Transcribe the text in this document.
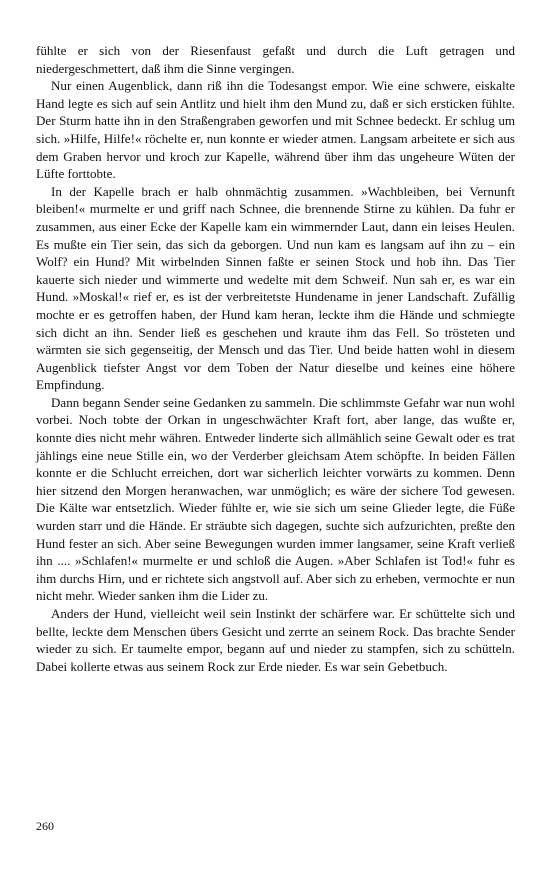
fühlte er sich von der Riesenfaust gefaßt und durch die Luft getragen und niedergeschmettert, daß ihm die Sinne vergingen.

Nur einen Augenblick, dann riß ihn die Todesangst empor. Wie eine schwere, eiskalte Hand legte es sich auf sein Antlitz und hielt ihm den Mund zu, daß er sich ersticken fühlte. Der Sturm hatte ihn in den Straßengraben geworfen und mit Schnee bedeckt. Er schlug um sich. »Hilfe, Hilfe!« röchelte er, nun konnte er wieder atmen. Langsam arbeitete er sich aus dem Graben hervor und kroch zur Kapelle, während über ihm das ungeheure Wüten der Lüfte forttobte.

In der Kapelle brach er halb ohnmächtig zusammen. »Wachbleiben, bei Vernunft bleiben!« murmelte er und griff nach Schnee, die brennende Stirne zu kühlen. Da fuhr er zusammen, aus einer Ecke der Kapelle kam ein wimmernder Laut, dann ein leises Heulen. Es mußte ein Tier sein, das sich da geborgen. Und nun kam es langsam auf ihn zu – ein Wolf? ein Hund? Mit wirbelnden Sinnen faßte er seinen Stock und hob ihn. Das Tier kauerte sich nieder und wimmerte und wedelte mit dem Schweif. Nun sah er, es war ein Hund. »Moskal!« rief er, es ist der verbreitetste Hundename in jener Landschaft. Zufällig mochte er es getroffen haben, der Hund kam heran, leckte ihm die Hände und schmiegte sich dicht an ihn. Sender ließ es geschehen und kraute ihm das Fell. So trösteten und wärmten sie sich gegenseitig, der Mensch und das Tier. Und beide hatten wohl in diesem Augenblick tiefster Angst vor dem Toben der Natur dieselbe und keines eine höhere Empfindung.

Dann begann Sender seine Gedanken zu sammeln. Die schlimmste Gefahr war nun wohl vorbei. Noch tobte der Orkan in ungeschwächter Kraft fort, aber lange, das wußte er, konnte dies nicht mehr währen. Entweder linderte sich allmählich seine Gewalt oder es trat jählings eine neue Stille ein, wo der Verderber gleichsam Atem schöpfte. In beiden Fällen konnte er die Schlucht erreichen, dort war sicherlich leichter vorwärts zu kommen. Denn hier sitzend den Morgen heranwachen, war unmöglich; es wäre der sichere Tod gewesen. Die Kälte war entsetzlich. Wieder fühlte er, wie sie sich um seine Glieder legte, die Füße wurden starr und die Hände. Er sträubte sich dagegen, suchte sich aufzurichten, preßte den Hund fester an sich. Aber seine Bewegungen wurden immer langsamer, seine Kraft verließ ihn .... »Schlafen!« murmelte er und schloß die Augen. »Aber Schlafen ist Tod!« fuhr es ihm durchs Hirn, und er richtete sich angstvoll auf. Aber sich zu erheben, vermochte er nun nicht mehr. Wieder sanken ihm die Lider zu.

Anders der Hund, vielleicht weil sein Instinkt der schärfere war. Er schüttelte sich und bellte, leckte dem Menschen übers Gesicht und zerrte an seinem Rock. Das brachte Sender wieder zu sich. Er taumelte empor, begann auf und nieder zu stampfen, sich zu schütteln. Dabei kollerte etwas aus seinem Rock zur Erde nieder. Es war sein Gebetbuch.

260
